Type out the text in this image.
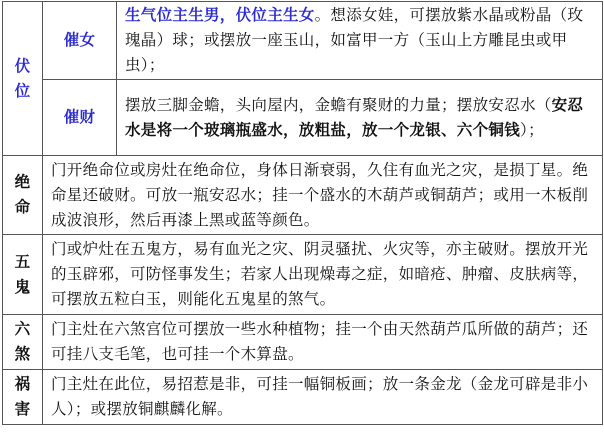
伏位	催女	生气位主生男，伏位主生女。想添女娃，可摆放紫水晶或粉晶（玫瑰晶）球；或摆放一座玉山，如富甲一方（玉山上方雕昆虫或甲虫）；
	催财	摆放三脚金蟾，头向屋内，金蟾有聚财的力量；摆放安忍水（安忍水是将一个玻璃瓶盛水，放粗盐，放一个龙银、六个铜钱）；
绝命	门开绝命位或房灶在绝命位，身体日渐衰弱，久住有血光之灾，是损丁星。绝命星还破财。可放一瓶安忍水；挂一个盛水的木葫芦或铜葫芦；或用一木板削成波浪形，然后再漆上黑或蓝等颜色。	
五鬼	门或炉灶在五鬼方，易有血光之灾、阴灵骚扰、火灾等，亦主破财。摆放开光的玉辟邪，可防怪事发生；若家人出现燥毒之症，如暗疮、肿瘤、皮肤病等，可摆放五粒白玉，则能化五鬼星的煞气。	
六煞	门主灶在六煞宫位可摆放一些水种植物；挂一个由天然葫芦瓜所做的葫芦；还可挂八支毛笔，也可挂一个木算盘。	
祸害	门主灶在此位，易招惹是非，可挂一幅铜板画；放一条金龙（金龙可辟是非小人）；或摆放铜麒麟化解。	
